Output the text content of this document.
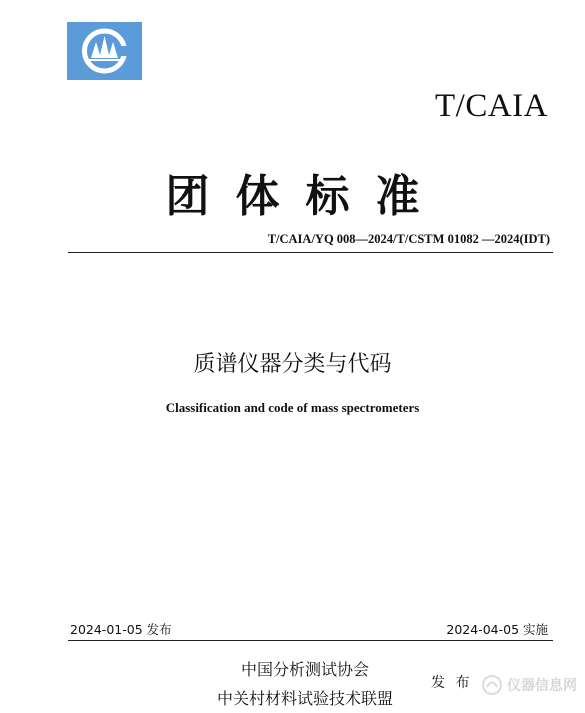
T/CAIA
团体标准
T/CAIA/YQ 008—2024/T/CSTM 01082 —2024(IDT)
质谱仪器分类与代码
Classification and code of mass spectrometers
2024-01-05 发布	2024-04-05 实施
中国分析测试协会
中关村材料试验技术联盟
发 布 仪器信息网
